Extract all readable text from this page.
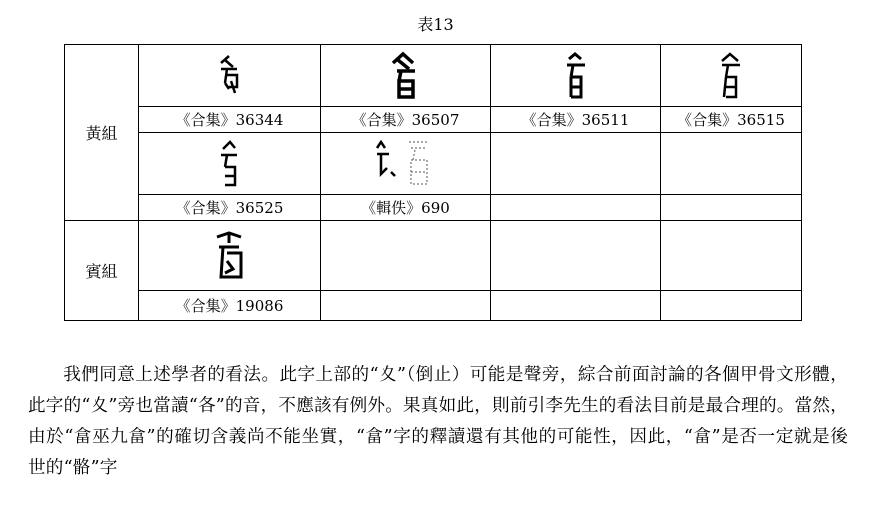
表13
黃組	

	《合集》36344	《合集》36507	《合集》36511	《合集》36515

	《合集》36525	《輯佚》690		
賓組	

	《合集》19086			

我們同意上述學者的看法。此字上部的“夊”（倒止）可能是聲旁，綜合前面討論的各個甲骨文形體，此字的“夊”旁也當讀“各”的音，不應該有例外。果真如此，則前引李先生的看法目前是最合理的。當然，由於“畣巫九畣”的確切含義尚不能坐實，“畣”字的釋讀還有其他的可能性，因此，“畣”是否一定就是後世的“骼”字
